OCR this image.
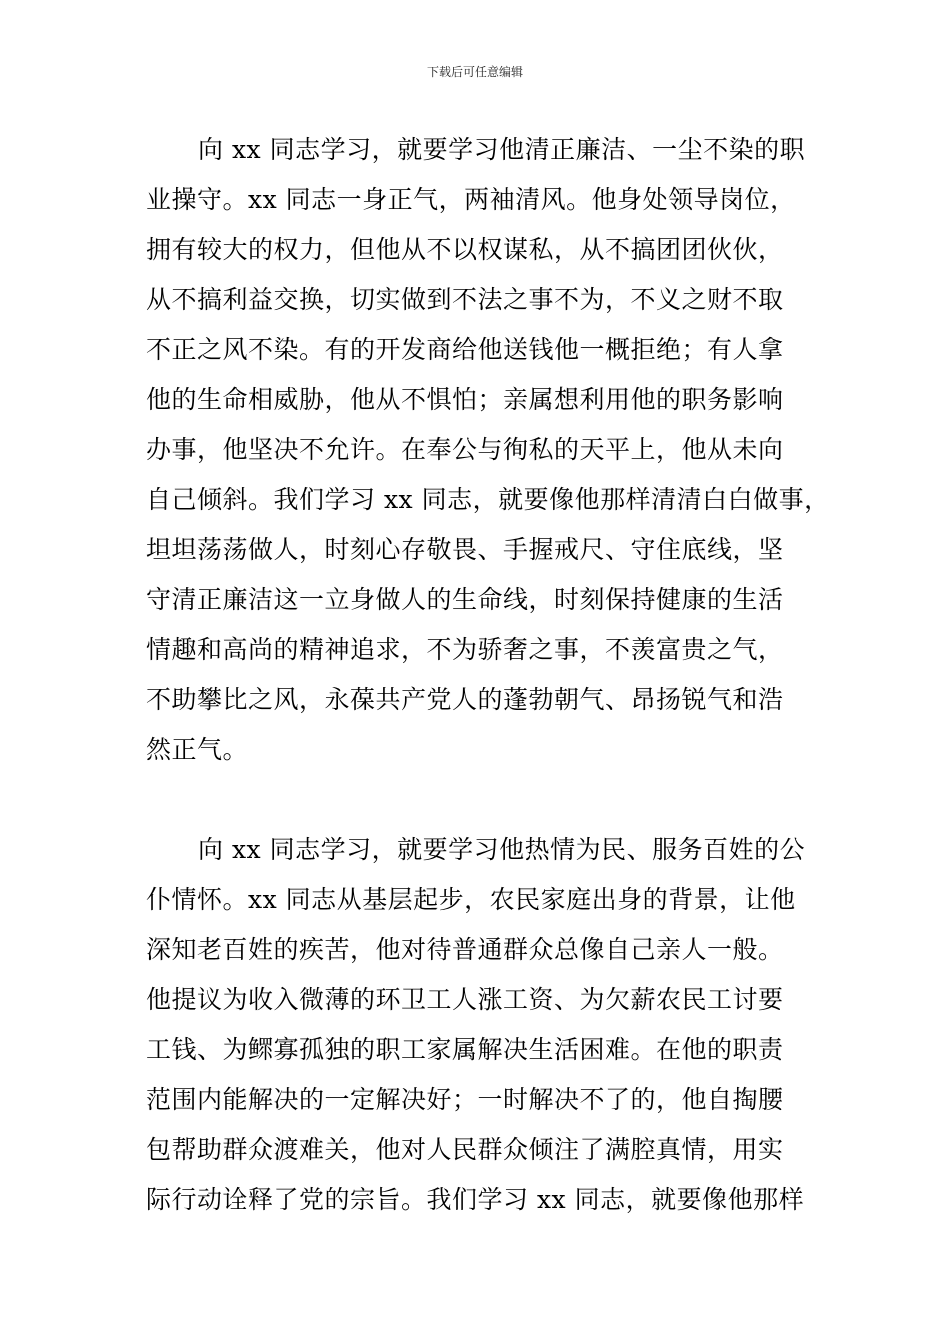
下载后可任意编辑

向 xx 同志学习，就要学习他清正廉洁、一尘不染的职
业操守。xx 同志一身正气，两袖清风。他身处领导岗位，
拥有较大的权力，但他从不以权谋私，从不搞团团伙伙，
从不搞利益交换，切实做到不法之事不为，不义之财不取
不正之风不染。有的开发商给他送钱他一概拒绝；有人拿
他的生命相威胁，他从不惧怕；亲属想利用他的职务影响
办事，他坚决不允许。在奉公与徇私的天平上，他从未向
自己倾斜。我们学习 xx 同志，就要像他那样清清白白做事，
坦坦荡荡做人，时刻心存敬畏、手握戒尺、守住底线，坚
守清正廉洁这一立身做人的生命线，时刻保持健康的生活
情趣和高尚的精神追求，不为骄奢之事，不羡富贵之气，
不助攀比之风，永葆共产党人的蓬勃朝气、昂扬锐气和浩
然正气。

向 xx 同志学习，就要学习他热情为民、服务百姓的公
仆情怀。xx 同志从基层起步，农民家庭出身的背景，让他
深知老百姓的疾苦，他对待普通群众总像自己亲人一般。
他提议为收入微薄的环卫工人涨工资、为欠薪农民工讨要
工钱、为鳏寡孤独的职工家属解决生活困难。在他的职责
范围内能解决的一定解决好；一时解决不了的，他自掏腰
包帮助群众渡难关，他对人民群众倾注了满腔真情，用实
际行动诠释了党的宗旨。我们学习 xx 同志，就要像他那样
